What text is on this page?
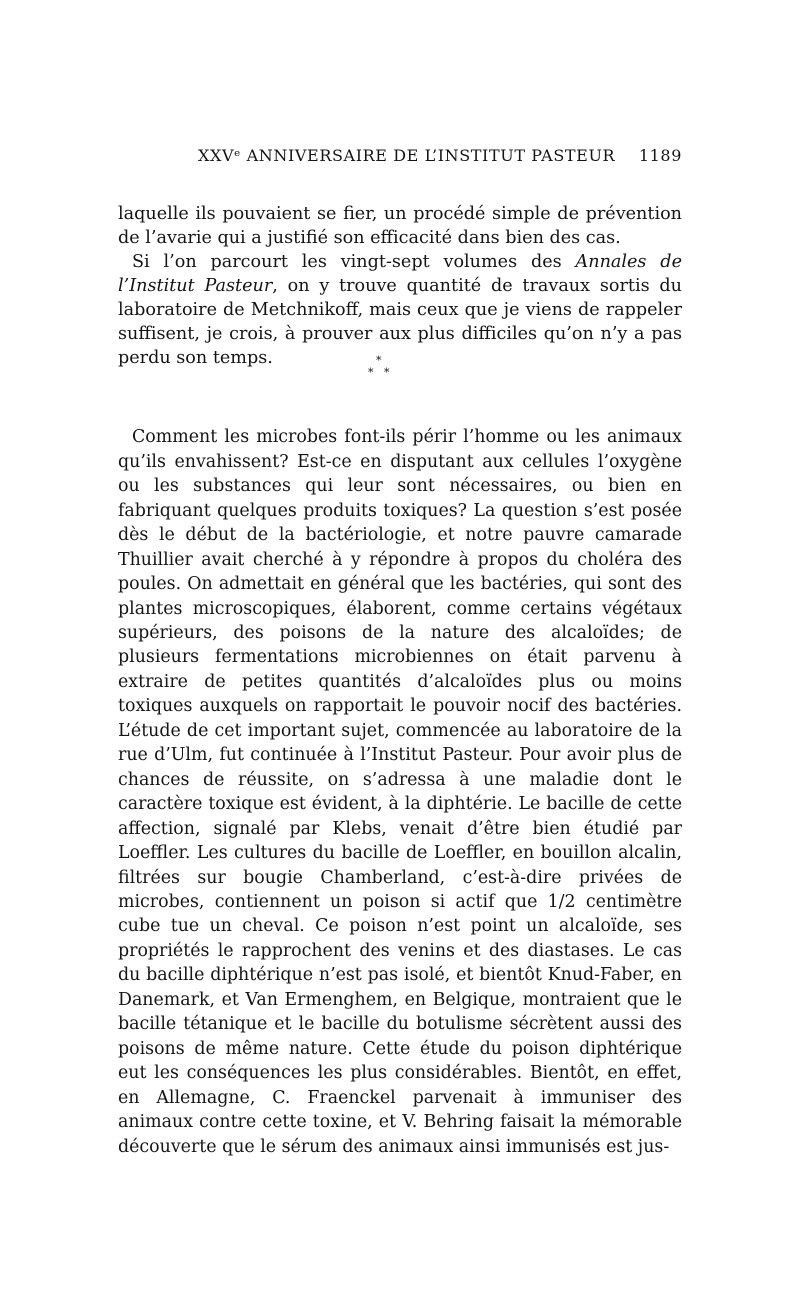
XXVᵉ ANNIVERSAIRE DE L’INSTITUT PASTEUR 1189

laquelle ils pouvaient se fier, un procédé simple de prévention de l’avarie qui a justifié son efficacité dans bien des cas.

Si l’on parcourt les vingt-sept volumes des Annales de l’Institut Pasteur, on y trouve quantité de travaux sortis du laboratoire de Metchnikoff, mais ceux que je viens de rappeler suffisent, je crois, à prouver aux plus difficiles qu’on n’y a pas perdu son temps.	*
* *

Comment les microbes font-ils périr l’homme ou les animaux qu’ils envahissent? Est-ce en disputant aux cellules l’oxygène ou les substances qui leur sont nécessaires, ou bien en fabriquant quelques produits toxiques? La question s’est posée dès le début de la bactériologie, et notre pauvre camarade Thuillier avait cherché à y répondre à propos du choléra des poules. On admettait en général que les bactéries, qui sont des plantes microscopiques, élaborent, comme certains végétaux supérieurs, des poisons de la nature des alcaloïdes; de plusieurs fermentations microbiennes on était parvenu à extraire de petites quantités d’alcaloïdes plus ou moins toxiques auxquels on rapportait le pouvoir nocif des bactéries. L’étude de cet important sujet, commencée au laboratoire de la rue d’Ulm, fut continuée à l’Institut Pasteur. Pour avoir plus de chances de réussite, on s’adressa à une maladie dont le caractère toxique est évident, à la diphtérie. Le bacille de cette affection, signalé par Klebs, venait d’être bien étudié par Loeffler. Les cultures du bacille de Loeffler, en bouillon alcalin, filtrées sur bougie Chamberland, c’est-à-dire privées de microbes, contiennent un poison si actif que 1/2 centimètre cube tue un cheval. Ce poison n’est point un alcaloïde, ses propriétés le rapprochent des venins et des diastases. Le cas du bacille diphtérique n’est pas isolé, et bientôt Knud-Faber, en Danemark, et Van Ermenghem, en Belgique, montraient que le bacille tétanique et le bacille du botulisme sécrètent aussi des poisons de même nature. Cette étude du poison diphtérique eut les conséquences les plus considérables. Bientôt, en effet, en Allemagne, C. Fraenckel parvenait à immuniser des animaux contre cette toxine, et V. Behring faisait la mémorable découverte que le sérum des animaux ainsi immunisés est jus-
